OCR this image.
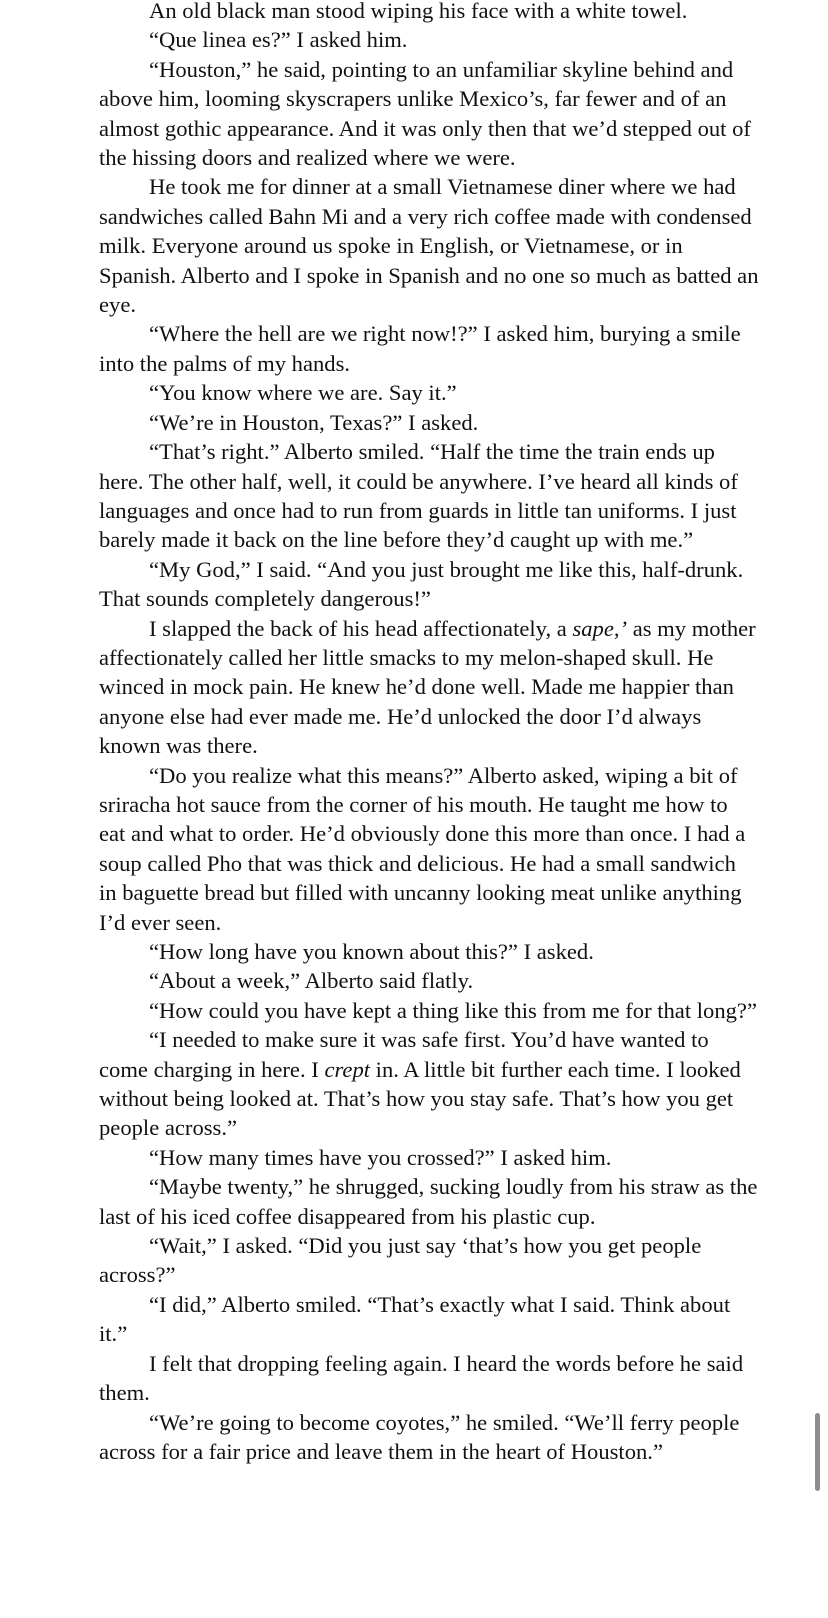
An old black man stood wiping his face with a white towel.

“Que linea es?” I asked him.

“Houston,” he said, pointing to an unfamiliar skyline behind and above him, looming skyscrapers unlike Mexico’s, far fewer and of an almost gothic appearance. And it was only then that we’d stepped out of the hissing doors and realized where we were.

He took me for dinner at a small Vietnamese diner where we had sandwiches called Bahn Mi and a very rich coffee made with condensed milk. Everyone around us spoke in English, or Vietnamese, or in Spanish. Alberto and I spoke in Spanish and no one so much as batted an eye.

“Where the hell are we right now!?” I asked him, burying a smile into the palms of my hands.

“You know where we are. Say it.”

“We’re in Houston, Texas?” I asked.

“That’s right.” Alberto smiled. “Half the time the train ends up here. The other half, well, it could be anywhere. I’ve heard all kinds of languages and once had to run from guards in little tan uniforms. I just barely made it back on the line before they’d caught up with me.”

“My God,” I said. “And you just brought me like this, half-drunk. That sounds completely dangerous!”

I slapped the back of his head affectionately, a sape,’ as my mother affectionately called her little smacks to my melon-shaped skull. He winced in mock pain. He knew he’d done well. Made me happier than anyone else had ever made me. He’d unlocked the door I’d always known was there.

“Do you realize what this means?” Alberto asked, wiping a bit of sriracha hot sauce from the corner of his mouth. He taught me how to eat and what to order. He’d obviously done this more than once. I had a soup called Pho that was thick and delicious. He had a small sandwich in baguette bread but filled with uncanny looking meat unlike anything I’d ever seen.

“How long have you known about this?” I asked.

“About a week,” Alberto said flatly.

“How could you have kept a thing like this from me for that long?”

“I needed to make sure it was safe first. You’d have wanted to come charging in here. I crept in. A little bit further each time. I looked without being looked at. That’s how you stay safe. That’s how you get people across.”

“How many times have you crossed?” I asked him.

“Maybe twenty,” he shrugged, sucking loudly from his straw as the last of his iced coffee disappeared from his plastic cup.

“Wait,” I asked. “Did you just say ‘that’s how you get people across?”

“I did,” Alberto smiled. “That’s exactly what I said. Think about it.”

I felt that dropping feeling again. I heard the words before he said them.

“We’re going to become coyotes,” he smiled. “We’ll ferry people across for a fair price and leave them in the heart of Houston.”
